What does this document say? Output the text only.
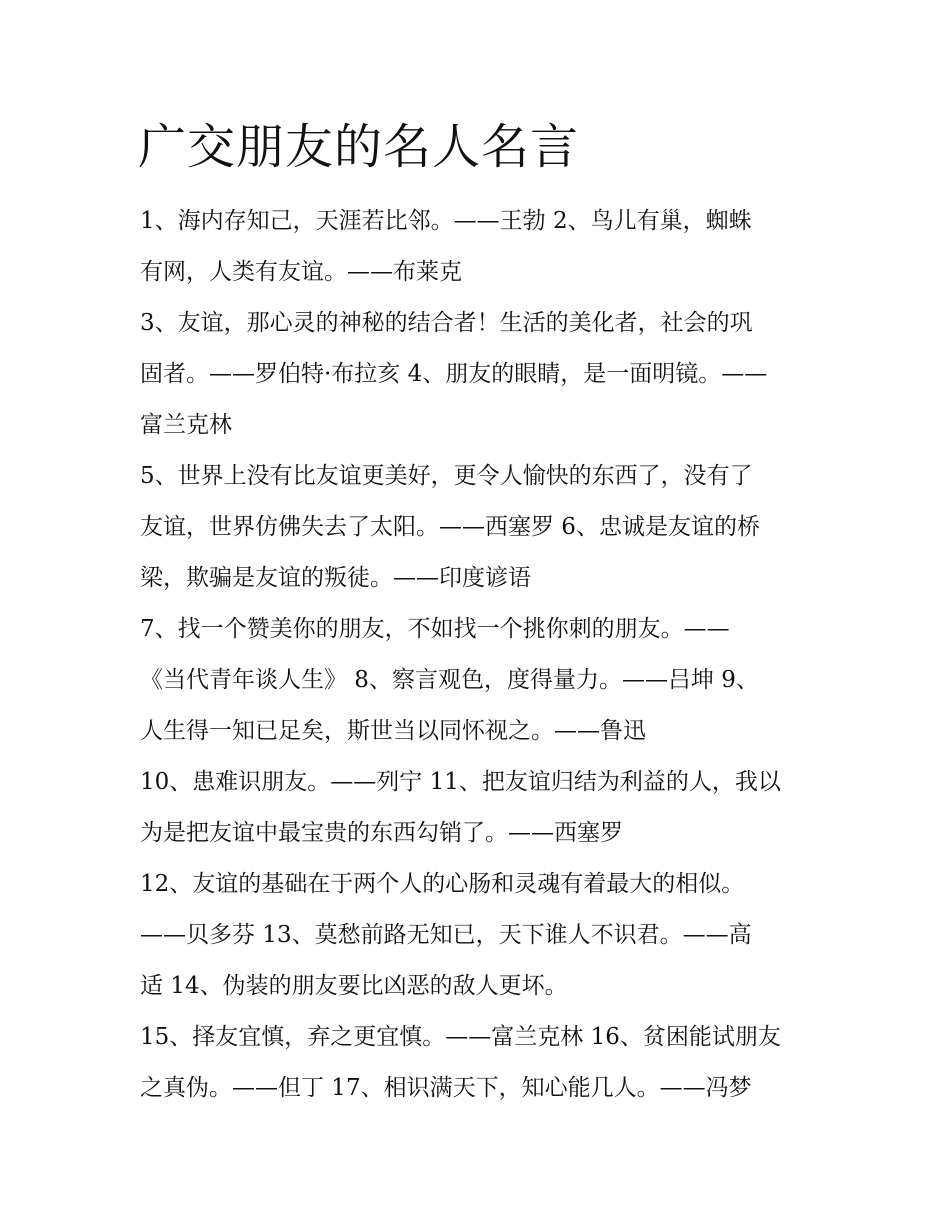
广交朋友的名人名言
1、海内存知己，天涯若比邻。——王勃 2、鸟儿有巢，蜘蛛
有网，人类有友谊。——布莱克
3、友谊，那心灵的神秘的结合者！生活的美化者，社会的巩
固者。——罗伯特·布拉亥 4、朋友的眼睛，是一面明镜。——
富兰克林
5、世界上没有比友谊更美好，更令人愉快的东西了，没有了
友谊，世界仿佛失去了太阳。——西塞罗 6、忠诚是友谊的桥
梁，欺骗是友谊的叛徒。——印度谚语
7、找一个赞美你的朋友，不如找一个挑你刺的朋友。——
《当代青年谈人生》 8、察言观色，度得量力。——吕坤 9、
人生得一知已足矣，斯世当以同怀视之。——鲁迅
10、患难识朋友。——列宁 11、把友谊归结为利益的人，我以
为是把友谊中最宝贵的东西勾销了。——西塞罗
12、友谊的基础在于两个人的心肠和灵魂有着最大的相似。
——贝多芬 13、莫愁前路无知已，天下谁人不识君。——高
适 14、伪装的朋友要比凶恶的敌人更坏。
15、择友宜慎，弃之更宜慎。——富兰克林 16、贫困能试朋友
之真伪。——但丁 17、相识满天下，知心能几人。——冯梦
